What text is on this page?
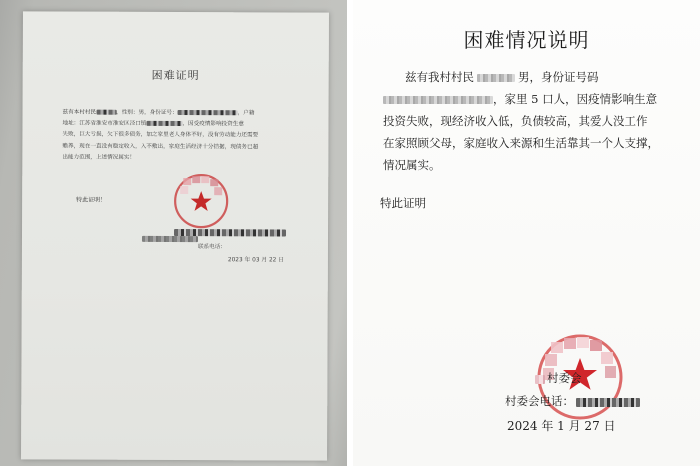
困难证明
兹有本村村民	，性别：男，身份证号：	，户籍
地址：江苏省淮安市淮安区泾口镇	，因受疫情影响投资生意
失败，巨大亏损，欠下很多债务，加之家里老人身体不好，没有劳动能力还需要
赡养，现在一直没有稳定收入，入不敷出，家庭生活经济十分拮据，现债务已超
出能力范围，上述情况属实！
特此证明！
联系电话：
2023 年 03 月 22 日
困难情况说明
兹有我村村民	男，身份证号码
，家里 5 口人，因疫情影响生意
投资失败，现经济收入低，负债较高，其爱人没工作
在家照顾父母，家庭收入来源和生活靠其一个人支撑，
情况属实。
特此证明
村委会
村委会电话：
2024 年 1 月 27 日
